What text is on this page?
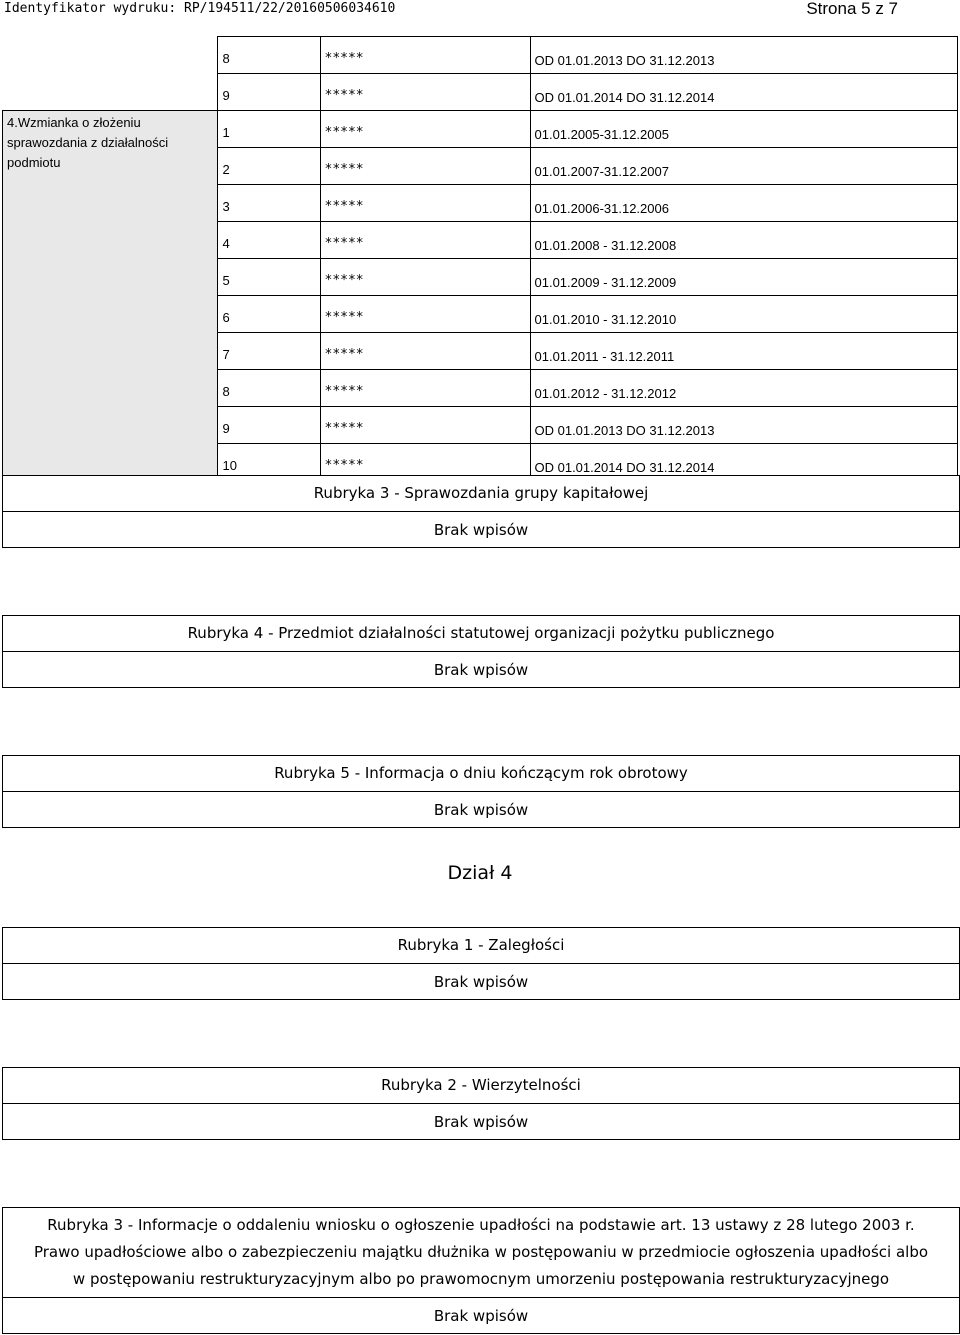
Identyfikator wydruku: RP/194511/22/20160506034610	Strona 5 z 7
	8	*****	OD 01.01.2013 DO 31.12.2013
	9	*****	OD 01.01.2014 DO 31.12.2014
4.Wzmianka o złożeniu sprawozdania z działalności podmiotu	1	*****	01.01.2005-31.12.2005
	2	*****	01.01.2007-31.12.2007
	3	*****	01.01.2006-31.12.2006
	4	*****	01.01.2008 - 31.12.2008
	5	*****	01.01.2009 - 31.12.2009
	6	*****	01.01.2010 - 31.12.2010
	7	*****	01.01.2011 - 31.12.2011
	8	*****	01.01.2012 - 31.12.2012
	9	*****	OD 01.01.2013 DO 31.12.2013
	10	*****	OD 01.01.2014 DO 31.12.2014
Rubryka 3 - Sprawozdania grupy kapitałowej
Brak wpisów
Rubryka 4 - Przedmiot działalności statutowej organizacji pożytku publicznego
Brak wpisów
Rubryka 5 - Informacja o dniu kończącym rok obrotowy
Brak wpisów
Dział 4
Rubryka 1 - Zaległości
Brak wpisów
Rubryka 2 - Wierzytelności
Brak wpisów
Rubryka 3 - Informacje o oddaleniu wniosku o ogłoszenie upadłości na podstawie art. 13 ustawy z 28 lutego 2003 r.
Prawo upadłościowe albo o zabezpieczeniu majątku dłużnika w postępowaniu w przedmiocie ogłoszenia upadłości albo
w postępowaniu restrukturyzacyjnym albo po prawomocnym umorzeniu postępowania restrukturyzacyjnego
Brak wpisów
